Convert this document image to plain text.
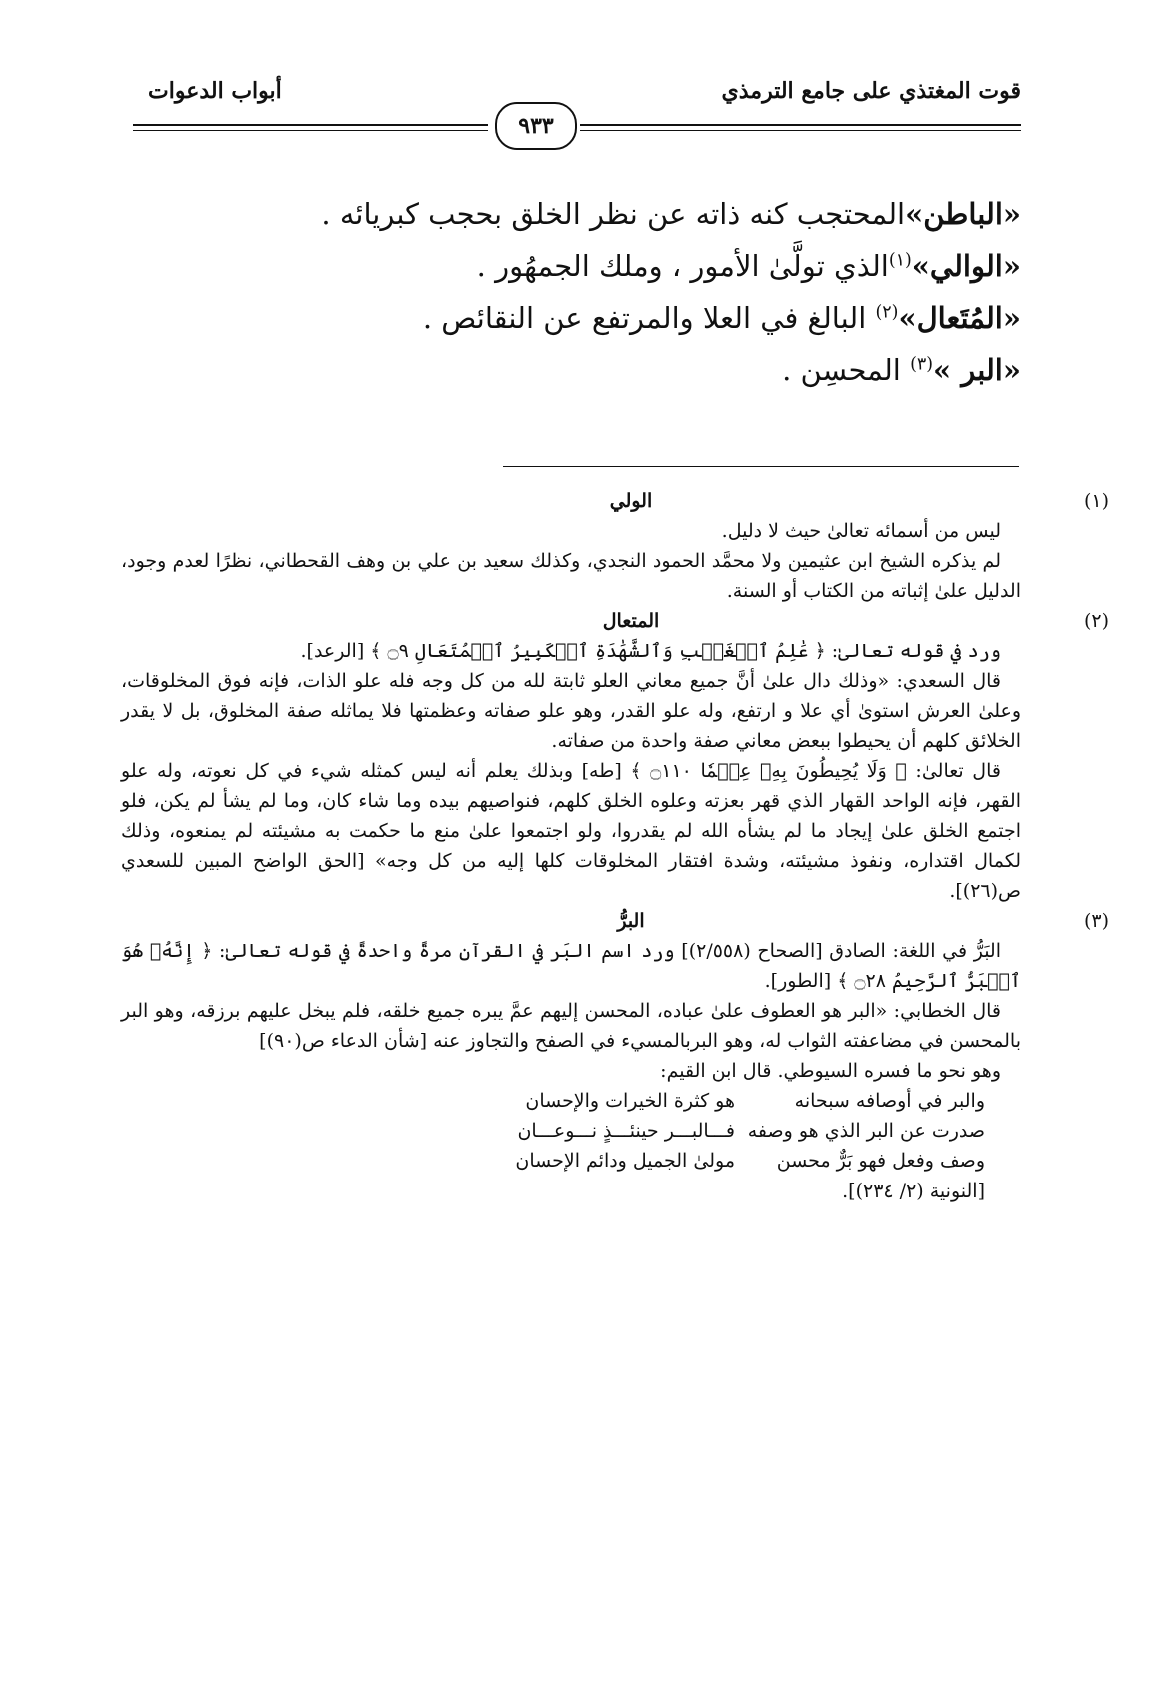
قوت المغتذي على جامع الترمذي
أبواب الدعوات
٩٣٣

«الباطن»المحتجب كنه ذاته عن نظر الخلق بحجب كبريائه .

«الوالي»$^{(١)}$الذي تولَّىٰ الأمور ، وملك الجمهُور .

«المُتَعال»$^{(٢)}$ البالغ في العلا والمرتفع عن النقائص .

«البر »$^{(٣)}$ المحسِن .

(١)
الولي

ليس من أسمائه تعالىٰ حيث لا دليل.

لم يذكره الشيخ ابن عثيمين ولا محمَّد الحمود النجدي، وكذلك سعيد بن علي بن وهف القحطاني، نظرًا لعدم وجود، الدليل علىٰ إثباته من الكتاب أو السنة.

(٢)
المتعال

ورد في قوله تعالىٰ: ﴿ عَٰلِمُ ٱلۡغَيۡبِ وَٱلشَّهَٰدَةِ ٱلۡكَبِيرُ ٱلۡمُتَعَالِ ۝٩ ﴾ [الرعد].

قال السعدي: «وذلك دال علىٰ أنَّ جميع معاني العلو ثابتة لله من كل وجه فله علو الذات، فإنه فوق المخلوقات، وعلىٰ العرش استوىٰ أي علا و ارتفع، وله علو القدر، وهو علو صفاته وعظمتها فلا يماثله صفة المخلوق، بل لا يقدر الخلائق كلهم أن يحيطوا ببعض معاني صفة واحدة من صفاته.

قال تعالىٰ: ﴿ وَلَا يُحِيطُونَ بِهِۦ عِلۡمٗا ۝١١٠ ﴾ [طه] وبذلك يعلم أنه ليس كمثله شيء في كل نعوته، وله علو القهر، فإنه الواحد القهار الذي قهر بعزته وعلوه الخلق كلهم، فنواصيهم بيده وما شاء كان، وما لم يشأ لم يكن، فلو اجتمع الخلق علىٰ إيجاد ما لم يشأه الله لم يقدروا، ولو اجتمعوا علىٰ منع ما حكمت به مشيئته لم يمنعوه، وذلك لكمال اقتداره، ونفوذ مشيئته، وشدة افتقار المخلوقات كلها إليه من كل وجه» [الحق الواضح المبين للسعدي ص(٢٦)].

(٣)
البرُّ

البَرُّ في اللغة: الصادق [الصحاح (٢/٥٥٨)] ورد اسم البَر في القرآن مرةً واحدةً في قوله تعالىٰ: ﴿ إِنَّهُۥ هُوَ ٱلۡبَرُّ ٱلرَّحِيمُ ۝٢٨ ﴾ [الطور].

قال الخطابي: «البر هو العطوف علىٰ عباده، المحسن إليهم عمَّ يبره جميع خلقه، فلم يبخل عليهم برزقه، وهو البر بالمحسن في مضاعفته الثواب له، وهو البربالمسيء في الصفح والتجاوز عنه [شأن الدعاء ص(٩٠)]

وهو نحو ما فسره السيوطي. قال ابن القيم:

والبر في أوصافه سبحانه
هو كثرة الخيرات والإحسان
صدرت عن البر الذي هو وصفه
فـــالبـــر حينئـــذٍ نـــوعـــان
وصف وفعل فهو بَرٌّ محسن
مولىٰ الجميل ودائم الإحسان

[النونية (٢/ ٢٣٤)].
